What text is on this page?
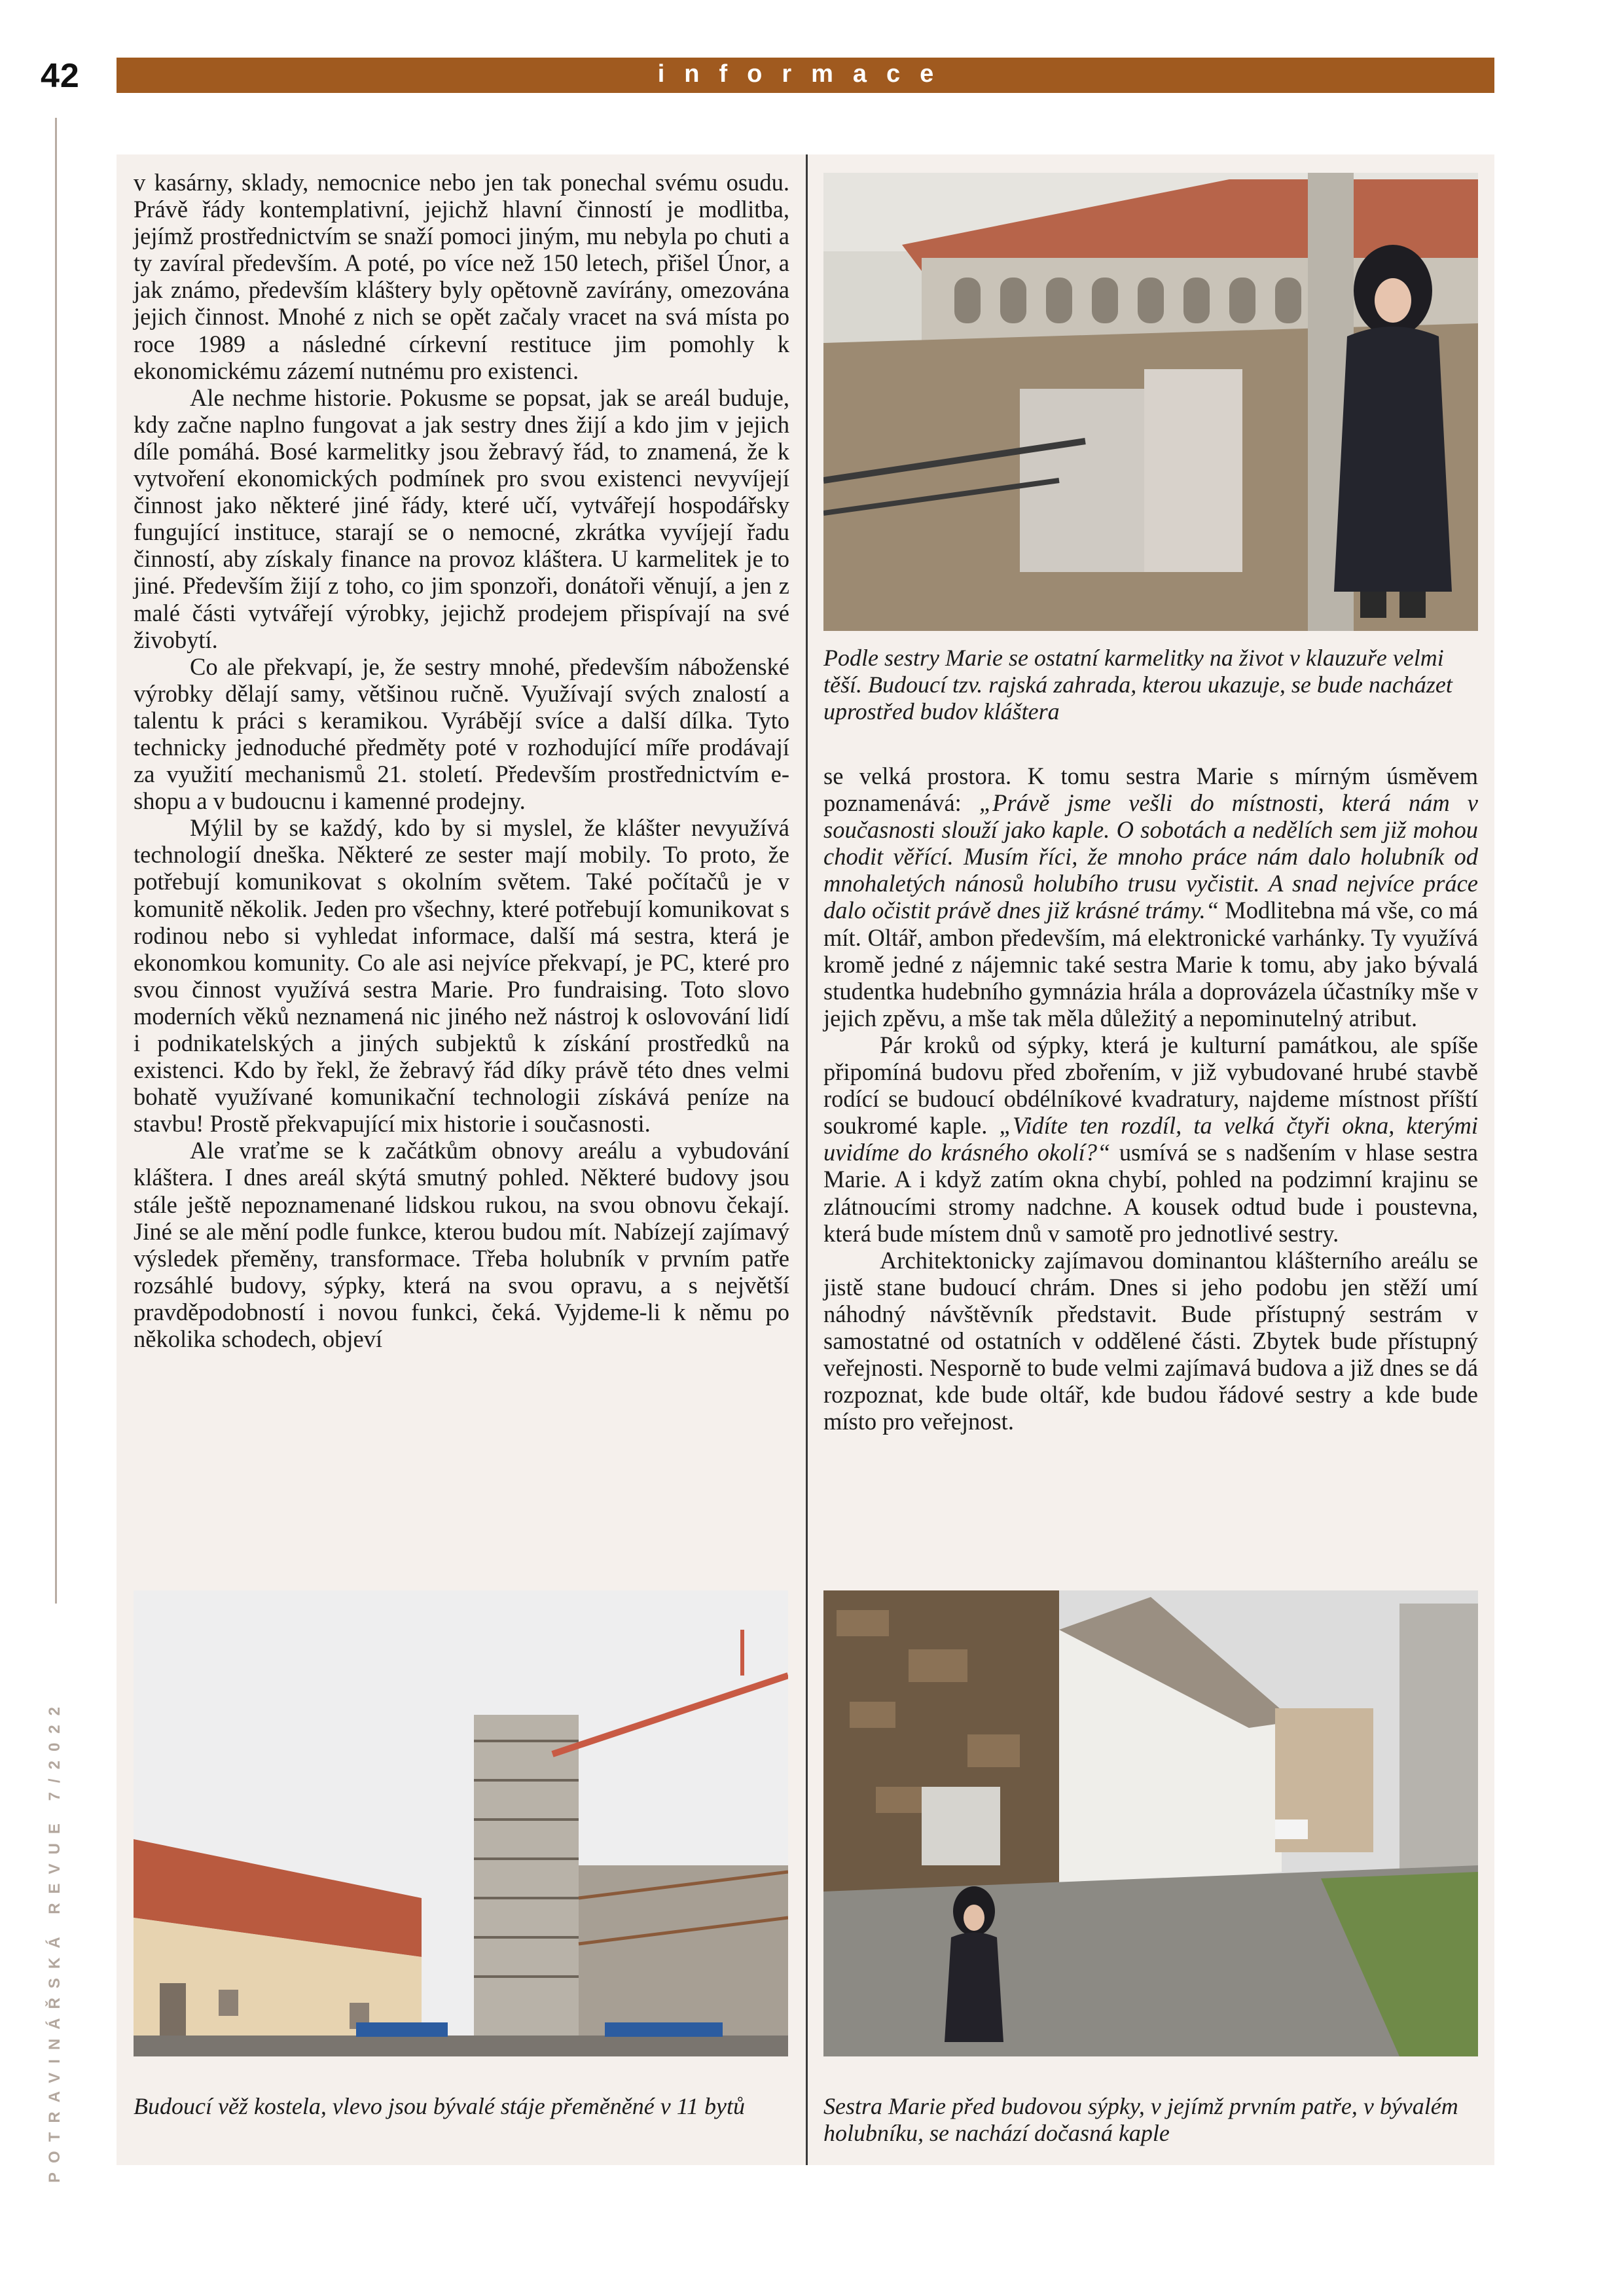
42	informace
POTRAVINÁŘSKÁ REVUE 7/2022

v kasárny, sklady, nemocnice nebo jen tak ponechal svému osudu. Právě řády kontemplativní, jejichž hlavní činností je modlitba, jejímž prostřednictvím se snaží pomoci jiným, mu nebyla po chuti a ty zavíral především. A poté, po více než 150 letech, přišel Únor, a jak známo, především kláštery byly opětovně zavírány, omezována jejich činnost. Mnohé z nich se opět začaly vracet na svá místa po roce 1989 a následné církevní restituce jim pomohly k ekonomickému zázemí nutnému pro existenci.

Ale nechme historie. Pokusme se popsat, jak se areál buduje, kdy začne naplno fungovat a jak sestry dnes žijí a kdo jim v jejich díle pomáhá. Bosé karmelitky jsou žebravý řád, to znamená, že k vytvoření ekonomických podmínek pro svou existenci nevyvíjejí činnost jako některé jiné řády, které učí, vytvářejí hospodářsky fungující instituce, starají se o nemocné, zkrátka vyvíjejí řadu činností, aby získaly finance na provoz kláštera. U karmelitek je to jiné. Především žijí z toho, co jim sponzoři, donátoři věnují, a jen z malé části vytvářejí výrobky, jejichž prodejem přispívají na své živobytí.

Co ale překvapí, je, že sestry mnohé, především náboženské výrobky dělají samy, většinou ručně. Využívají svých znalostí a talentu k práci s keramikou. Vyrábějí svíce a další dílka. Tyto technicky jednoduché předměty poté v rozhodující míře prodávají za využití mechanismů 21. století. Především prostřednictvím e-shopu a v budoucnu i kamenné prodejny.

Mýlil by se každý, kdo by si myslel, že klášter nevyužívá technologií dneška. Některé ze sester mají mobily. To proto, že potřebují komunikovat s okolním světem. Také počítačů je v komunitě několik. Jeden pro všechny, které potřebují komunikovat s rodinou nebo si vyhledat informace, další má sestra, která je ekonomkou komunity. Co ale asi nejvíce překvapí, je PC, které pro svou činnost využívá sestra Marie. Pro fundraising. Toto slovo moderních věků neznamená nic jiného než nástroj k oslovování lidí i podnikatelských a jiných subjektů k získání prostředků na existenci. Kdo by řekl, že žebravý řád díky právě této dnes velmi bohatě využívané komunikační technologii získává peníze na stavbu! Prostě překvapující mix historie i současnosti.

Ale vraťme se k začátkům obnovy areálu a vybudování kláštera. I dnes areál skýtá smutný pohled. Některé budovy jsou stále ještě nepoznamenané lidskou rukou, na svou obnovu čekají. Jiné se ale mění podle funkce, kterou budou mít. Nabízejí zajímavý výsledek přeměny, transformace. Třeba holubník v prvním patře rozsáhlé budovy, sýpky, která na svou opravu, a s největší pravděpodobností i novou funkci, čeká. Vyjdeme-li k němu po několika schodech, objeví

Podle sestry Marie se ostatní karmelitky na život v klauzuře velmi těší. Budoucí tzv. rajská zahrada, kterou ukazuje, se bude nacházet uprostřed budov kláštera

se velká prostora. K tomu sestra Marie s mírným úsměvem poznamenává: „Právě jsme vešli do místnosti, která nám v současnosti slouží jako kaple. O sobotách a nedělích sem již mohou chodit věřící. Musím říci, že mnoho práce nám dalo holubník od mnohaletých nánosů holubího trusu vyčistit. A snad nejvíce práce dalo očistit právě dnes již krásné trámy.“ Modlitebna má vše, co má mít. Oltář, ambon především, má elektronické varhánky. Ty využívá kromě jedné z nájemnic také sestra Marie k tomu, aby jako bývalá studentka hudebního gymnázia hrála a doprovázela účastníky mše v jejich zpěvu, a mše tak měla důležitý a nepominutelný atribut.

Pár kroků od sýpky, která je kulturní památkou, ale spíše připomíná budovu před zbořením, v již vybudované hrubé stavbě rodící se budoucí obdélníkové kvadratury, najdeme místnost příští soukromé kaple. „Vidíte ten rozdíl, ta velká čtyři okna, kterými uvidíme do krásného okolí?“ usmívá se s nadšením v hlase sestra Marie. A i když zatím okna chybí, pohled na podzimní krajinu se zlátnoucími stromy nadchne. A kousek odtud bude i poustevna, která bude místem dnů v samotě pro jednotlivé sestry.

Architektonicky zajímavou dominantou klášterního areálu se jistě stane budoucí chrám. Dnes si jeho podobu jen stěží umí náhodný návštěvník představit. Bude přístupný sestrám v samostatné od ostatních v oddělené části. Zbytek bude přístupný veřejnosti. Nesporně to bude velmi zajímavá budova a již dnes se dá rozpoznat, kde bude oltář, kde budou řádové sestry a kde bude místo pro veřejnost.

Budoucí věž kostela, vlevo jsou bývalé stáje přeměněné v 11 bytů	Sestra Marie před budovou sýpky, v jejímž prvním patře, v bývalém holubníku, se nachází dočasná kaple
